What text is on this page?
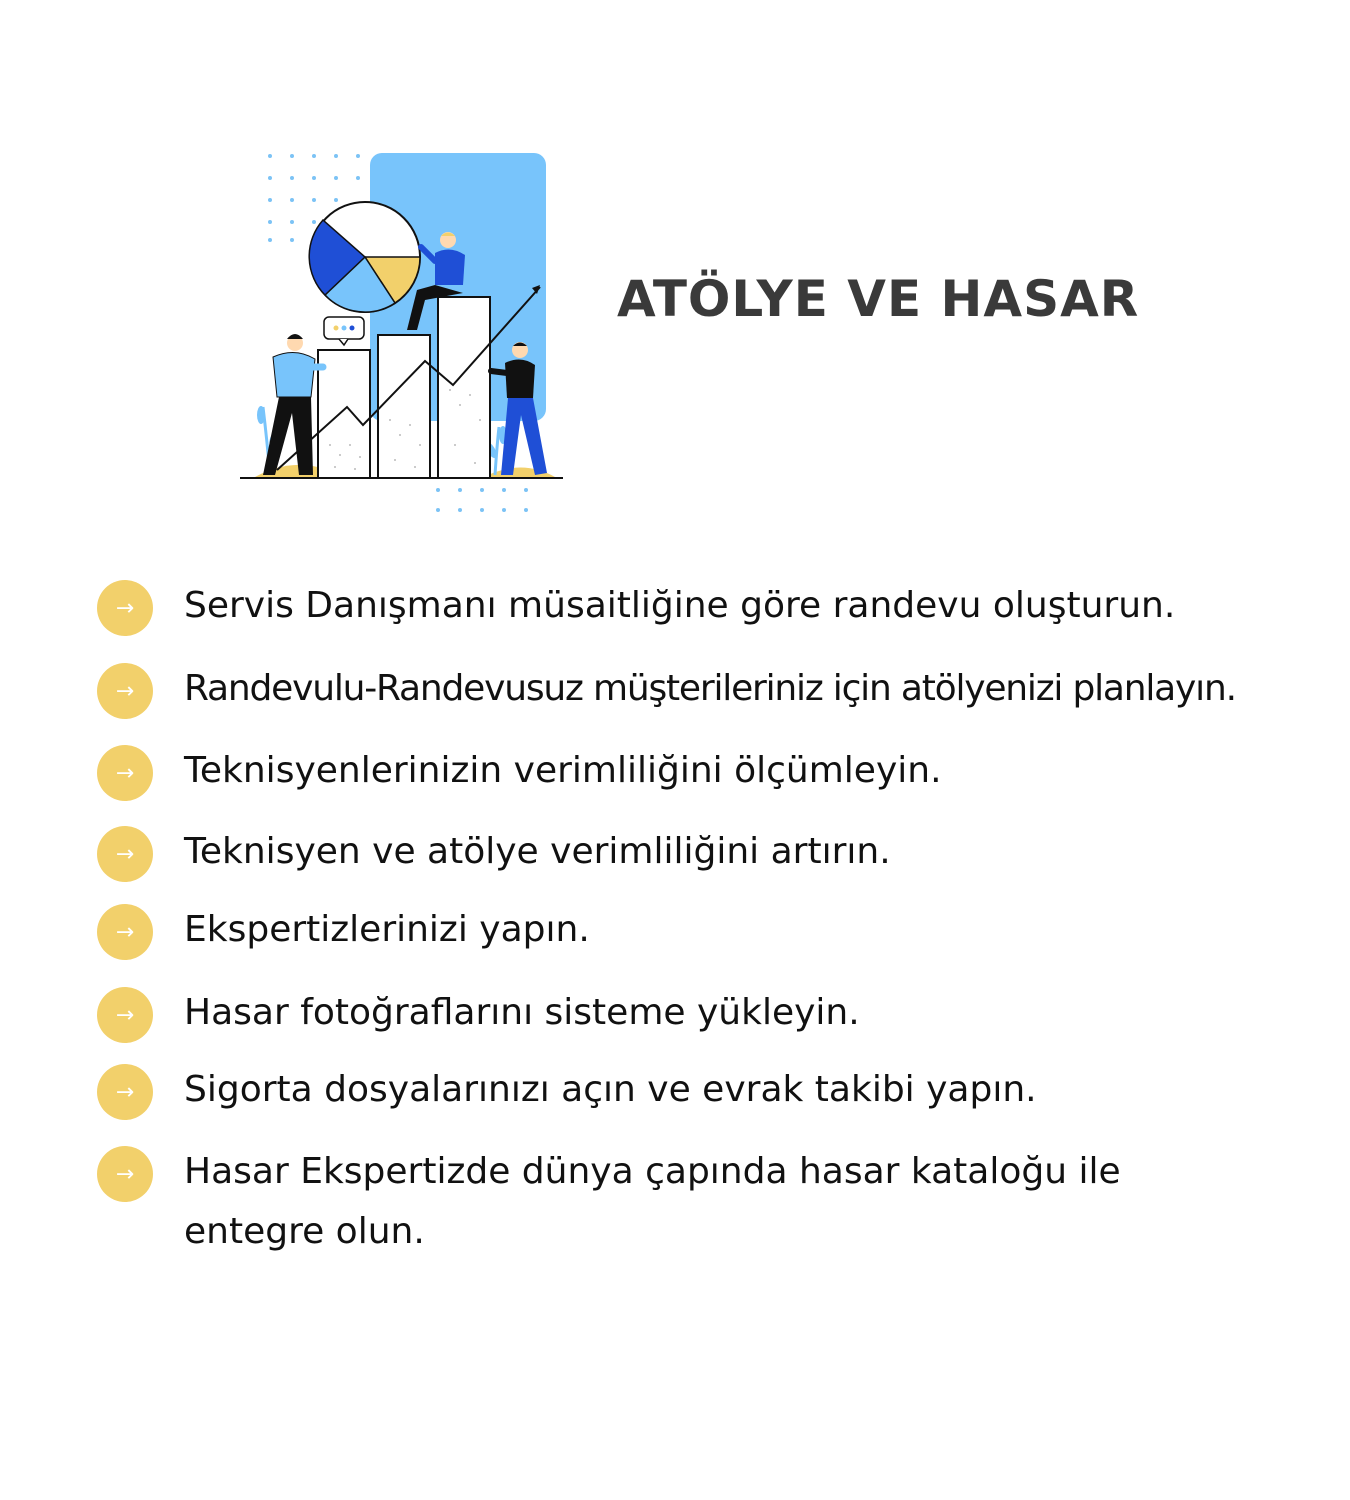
ATÖLYE VE HASAR
→	Servis Danışmanı müsaitliğine göre randevu oluşturun.
→	Randevulu-Randevusuz müşterileriniz için atölyenizi planlayın.
→	Teknisyenlerinizin verimliliğini ölçümleyin.
→	Teknisyen ve atölye verimliliğini artırın.
→	Ekspertizlerinizi yapın.
→	Hasar fotoğraflarını sisteme yükleyin.
→	Sigorta dosyalarınızı açın ve evrak takibi yapın.
→	Hasar Ekspertizde dünya çapında hasar kataloğu ile entegre olun.
